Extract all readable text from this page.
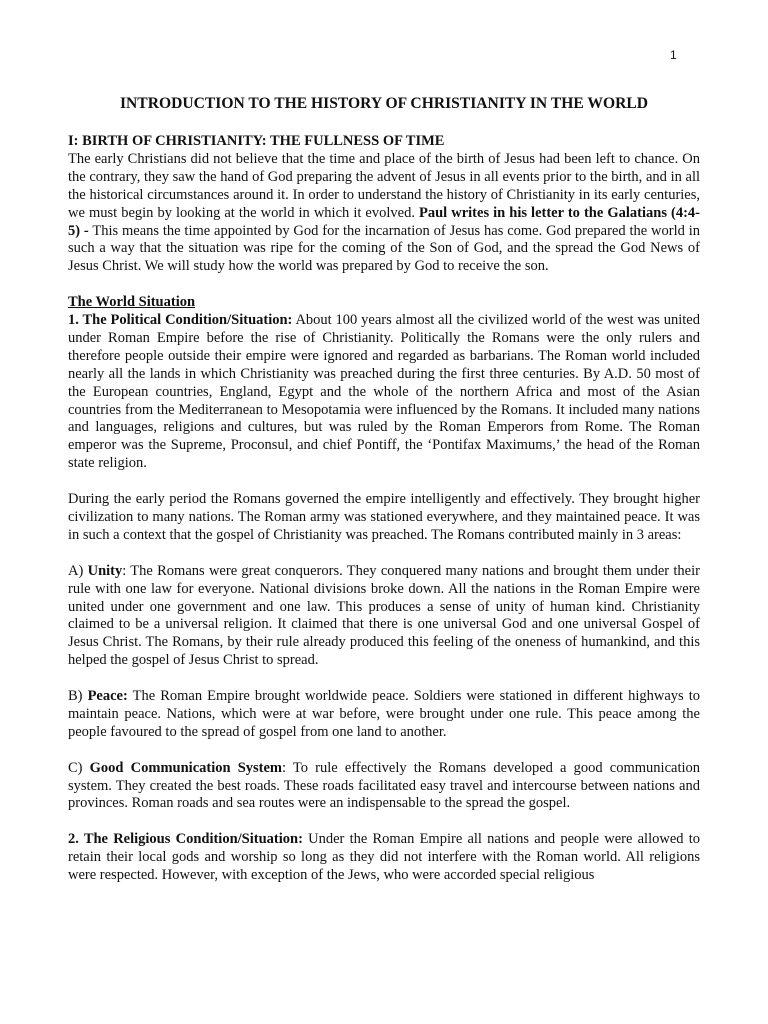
1
INTRODUCTION TO THE HISTORY OF CHRISTIANITY IN THE WORLD

I: BIRTH OF CHRISTIANITY: THE FULLNESS OF TIME

The early Christians did not believe that the time and place of the birth of Jesus had been left to chance. On the contrary, they saw the hand of God preparing the advent of Jesus in all events prior to the birth, and in all the historical circumstances around it. In order to understand the history of Christianity in its early centuries, we must begin by looking at the world in which it evolved. Paul writes in his letter to the Galatians (4:4-5) - This means the time appointed by God for the incarnation of Jesus has come. God prepared the world in such a way that the situation was ripe for the coming of the Son of God, and the spread the God News of Jesus Christ. We will study how the world was prepared by God to receive the son.

The World Situation

1. The Political Condition/Situation: About 100 years almost all the civilized world of the west was united under Roman Empire before the rise of Christianity. Politically the Romans were the only rulers and therefore people outside their empire were ignored and regarded as barbarians. The Roman world included nearly all the lands in which Christianity was preached during the first three centuries. By A.D. 50 most of the European countries, England, Egypt and the whole of the northern Africa and most of the Asian countries from the Mediterranean to Mesopotamia were influenced by the Romans. It included many nations and languages, religions and cultures, but was ruled by the Roman Emperors from Rome. The Roman emperor was the Supreme, Proconsul, and chief Pontiff, the ‘Pontifax Maximums,’ the head of the Roman state religion.

During the early period the Romans governed the empire intelligently and effectively. They brought higher civilization to many nations. The Roman army was stationed everywhere, and they maintained peace. It was in such a context that the gospel of Christianity was preached. The Romans contributed mainly in 3 areas:

A) Unity: The Romans were great conquerors. They conquered many nations and brought them under their rule with one law for everyone. National divisions broke down. All the nations in the Roman Empire were united under one government and one law. This produces a sense of unity of human kind. Christianity claimed to be a universal religion. It claimed that there is one universal God and one universal Gospel of Jesus Christ. The Romans, by their rule already produced this feeling of the oneness of humankind, and this helped the gospel of Jesus Christ to spread.

B) Peace: The Roman Empire brought worldwide peace. Soldiers were stationed in different highways to maintain peace. Nations, which were at war before, were brought under one rule. This peace among the people favoured to the spread of gospel from one land to another.

C) Good Communication System: To rule effectively the Romans developed a good communication system. They created the best roads. These roads facilitated easy travel and intercourse between nations and provinces. Roman roads and sea routes were an indispensable to the spread the gospel.

2. The Religious Condition/Situation: Under the Roman Empire all nations and people were allowed to retain their local gods and worship so long as they did not interfere with the Roman world. All religions were respected. However, with exception of the Jews, who were accorded special religious
